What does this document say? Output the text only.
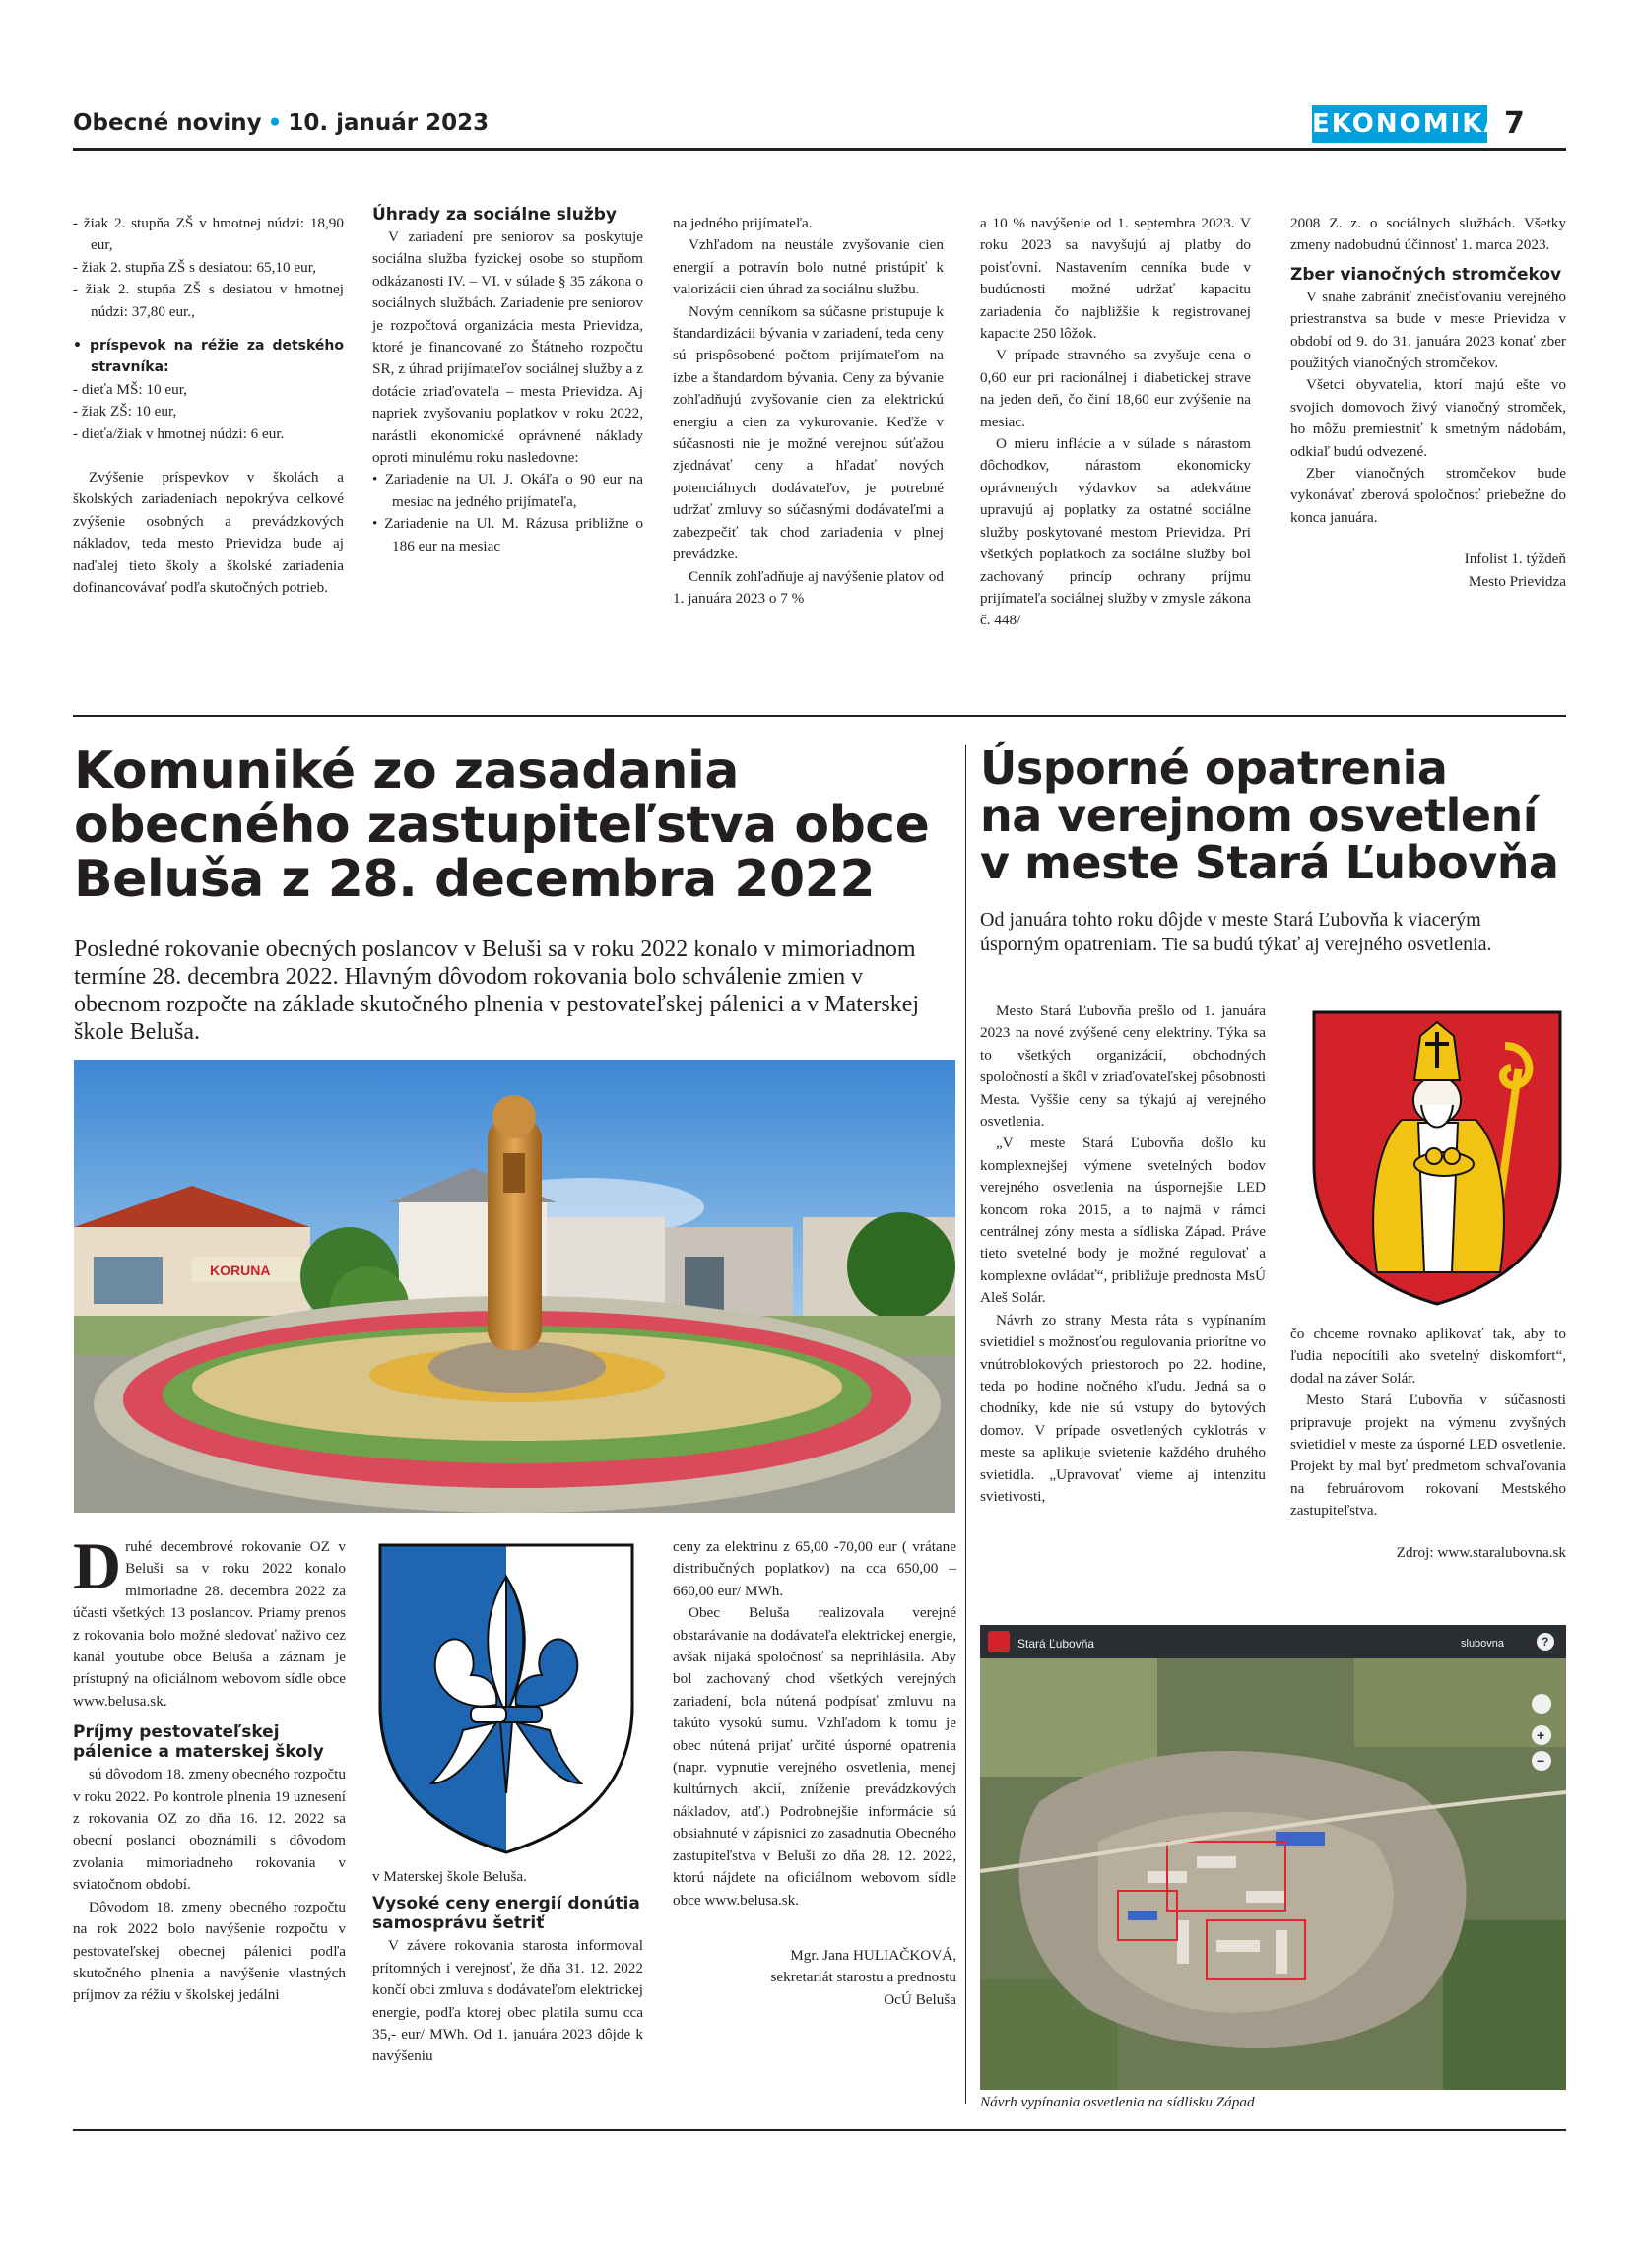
Obecné noviny • 10. január 2023	EKONOMIKA
7
- žiak 2. stupňa ZŠ v hmotnej núdzi: 18,90 eur,
- žiak 2. stupňa ZŠ s desiatou: 65,10 eur,
- žiak 2. stupňa ZŠ s desiatou v hmotnej núdzi: 37,80 eur.,
• príspevok na réžie za detského stravníka:
- dieťa MŠ: 10 eur,
- žiak ZŠ: 10 eur,
- dieťa/žiak v hmotnej núdzi: 6 eur.

Zvýšenie príspevkov v školách a školských zariadeniach nepokrýva celkové zvýšenie osobných a prevádzkových nákladov, teda mesto Prievidza bude aj naďalej tieto školy a školské zariadenia dofinancovávať podľa skutočných potrieb.

Úhrady za sociálne služby

V zariadení pre seniorov sa poskytuje sociálna služba fyzickej osobe so stupňom odkázanosti IV. – VI. v súlade § 35 zákona o sociálnych službách. Zariadenie pre seniorov je rozpočtová organizácia mesta Prievidza, ktoré je financované zo Štátneho rozpočtu SR, z úhrad prijímateľov sociálnej služby a z dotácie zriaďovateľa – mesta Prievidza. Aj napriek zvyšovaniu poplatkov v roku 2022, narástli ekonomické oprávnené náklady oproti minulému roku nasledovne:

• Zariadenie na Ul. J. Okáľa o 90 eur na mesiac na jedného prijímateľa,
• Zariadenie na Ul. M. Rázusa približne o 186 eur na mesiac

na jedného prijímateľa.

Vzhľadom na neustále zvyšovanie cien energií a potravín bolo nutné pristúpiť k valorizácii cien úhrad za sociálnu službu.

Novým cenníkom sa súčasne pristupuje k štandardizácii bývania v zariadení, teda ceny sú prispôsobené počtom prijímateľom na izbe a štandardom bývania. Ceny za bývanie zohľadňujú zvyšovanie cien za elektrickú energiu a cien za vykurovanie. Keďže v súčasnosti nie je možné verejnou súťažou zjednávať ceny a hľadať nových potenciálnych dodávateľov, je potrebné udržať zmluvy so súčasnými dodávateľmi a zabezpečiť tak chod zariadenia v plnej prevádzke.

Cenník zohľadňuje aj navýšenie platov od 1. januára 2023 o 7 %

a 10 % navýšenie od 1. septembra 2023. V roku 2023 sa navyšujú aj platby do poisťovní. Nastavením cenníka bude v budúcnosti možné udržať kapacitu zariadenia čo najbližšie k registrovanej kapacite 250 lôžok.

V prípade stravného sa zvyšuje cena o 0,60 eur pri racionálnej i diabetickej strave na jeden deň, čo činí 18,60 eur zvýšenie na mesiac.

O mieru inflácie a v súlade s nárastom dôchodkov, nárastom ekonomicky oprávnených výdavkov sa adekvátne upravujú aj poplatky za ostatné sociálne služby poskytované mestom Prievidza. Pri všetkých poplatkoch za sociálne služby bol zachovaný princíp ochrany príjmu prijímateľa sociálnej služby v zmysle zákona č. 448/

2008 Z. z. o sociálnych službách. Všetky zmeny nadobudnú účinnosť 1. marca 2023.

Zber vianočných stromčekov

V snahe zabrániť znečisťovaniu verejného priestranstva sa bude v meste Prievidza v období od 9. do 31. januára 2023 konať zber použitých vianočných stromčekov.

Všetci obyvatelia, ktorí majú ešte vo svojich domovoch živý vianočný stromček, ho môžu premiestniť k smetným nádobám, odkiaľ budú odvezené.

Zber vianočných stromčekov bude vykonávať zberová spoločnosť priebežne do konca januára.

Infolist 1. týždeň
Mesto Prievidza
Komuniké zo zasadania
obecného zastupiteľstva obce
Beluša z 28. decembra 2022

Posledné rokovanie obecných poslancov v Beluši sa v roku 2022 konalo v mimoriadnom termíne 28. decembra 2022. Hlavným dôvodom rokovania bolo schválenie zmien v obecnom rozpočte na základe skutočného plnenia v pestovateľskej pálenici a v Materskej škole Beluša.

KORUNA

Druhé decembrové rokovanie OZ v Beluši sa v roku 2022 konalo mimoriadne 28. decembra 2022 za účasti všetkých 13 poslancov. Priamy prenos z rokovania bolo možné sledovať naživo cez kanál youtube obce Beluša a záznam je prístupný na oficiálnom webovom sídle obce www.belusa.sk.

Príjmy pestovateľskej pálenice a materskej školy

sú dôvodom 18. zmeny obecného rozpočtu v roku 2022. Po kontrole plnenia 19 uznesení z rokovania OZ zo dňa 16. 12. 2022 sa obecní poslanci oboznámili s dôvodom zvolania mimoriadneho rokovania v sviatočnom období.

Dôvodom 18. zmeny obecného rozpočtu na rok 2022 bolo navýšenie rozpočtu v pestovateľskej obecnej pálenici podľa skutočného plnenia a navýšenie vlastných príjmov za réžiu v školskej jedálni

v Materskej škole Beluša.

Vysoké ceny energií donútia samosprávu šetriť

V závere rokovania starosta informoval prítomných i verejnosť, že dňa 31. 12. 2022 končí obci zmluva s dodávateľom elektrickej energie, podľa ktorej obec platila sumu cca 35,- eur/ MWh. Od 1. januára 2023 dôjde k navýšeniu

ceny za elektrinu z 65,00 -70,00 eur ( vrátane distribučných poplatkov) na cca 650,00 – 660,00 eur/ MWh.

Obec Beluša realizovala verejné obstarávanie na dodávateľa elektrickej energie, avšak nijaká spoločnosť sa neprihlásila. Aby bol zachovaný chod všetkých verejných zariadení, bola nútená podpísať zmluvu na takúto vysokú sumu. Vzhľadom k tomu je obec nútená prijať určité úsporné opatrenia (napr. vypnutie verejného osvetlenia, menej kultúrnych akcií, zníženie prevádzkových nákladov, atď.) Podrobnejšie informácie sú obsiahnuté v zápisnici zo zasadnutia Obecného zastupiteľstva v Beluši zo dňa 28. 12. 2022, ktorú nájdete na oficiálnom webovom sídle obce www.belusa.sk.

Mgr. Jana HULIAČKOVÁ,
sekretariát starostu a prednostu
OcÚ Beluša
Úsporné opatrenia
na verejnom osvetlení
v meste Stará Ľubovňa

Od januára tohto roku dôjde v meste Stará Ľubovňa k viacerým úsporným opatreniam. Tie sa budú týkať aj verejného osvetlenia.

Mesto Stará Ľubovňa prešlo od 1. januára 2023 na nové zvýšené ceny elektriny. Týka sa to všetkých organizácií, obchodných spoločností a škôl v zriaďovateľskej pôsobnosti Mesta. Vyššie ceny sa týkajú aj verejného osvetlenia.

„V meste Stará Ľubovňa došlo ku komplexnejšej výmene svetelných bodov verejného osvetlenia na úspornejšie LED koncom roka 2015, a to najmä v rámci centrálnej zóny mesta a sídliska Západ. Práve tieto svetelné body je možné regulovať a komplexne ovládať“, približuje prednosta MsÚ Aleš Solár.

Návrh zo strany Mesta ráta s vypínaním svietidiel s možnosťou regulovania priorítne vo vnútroblokových priestoroch po 22. hodine, teda po hodine nočného kľudu. Jedná sa o chodníky, kde nie sú vstupy do bytových domov. V prípade osvetlených cyklotrás v meste sa aplikuje svietenie každého druhého svietidla. „Upravovať vieme aj intenzitu svietivosti,

čo chceme rovnako aplikovať tak, aby to ľudia nepocítili ako svetelný diskomfort“, dodal na záver Solár.

Mesto Stará Ľubovňa v súčasnosti pripravuje projekt na výmenu zvyšných svietidiel v meste za úsporné LED osvetlenie. Projekt by mal byť predmetom schvaľovania na februárovom rokovaní Mestského zastupiteľstva.

Zdroj: www.staralubovna.sk
Stará Ľubovňa	slubovna	?
+
−
Návrh vypínania osvetlenia na sídlisku Západ
